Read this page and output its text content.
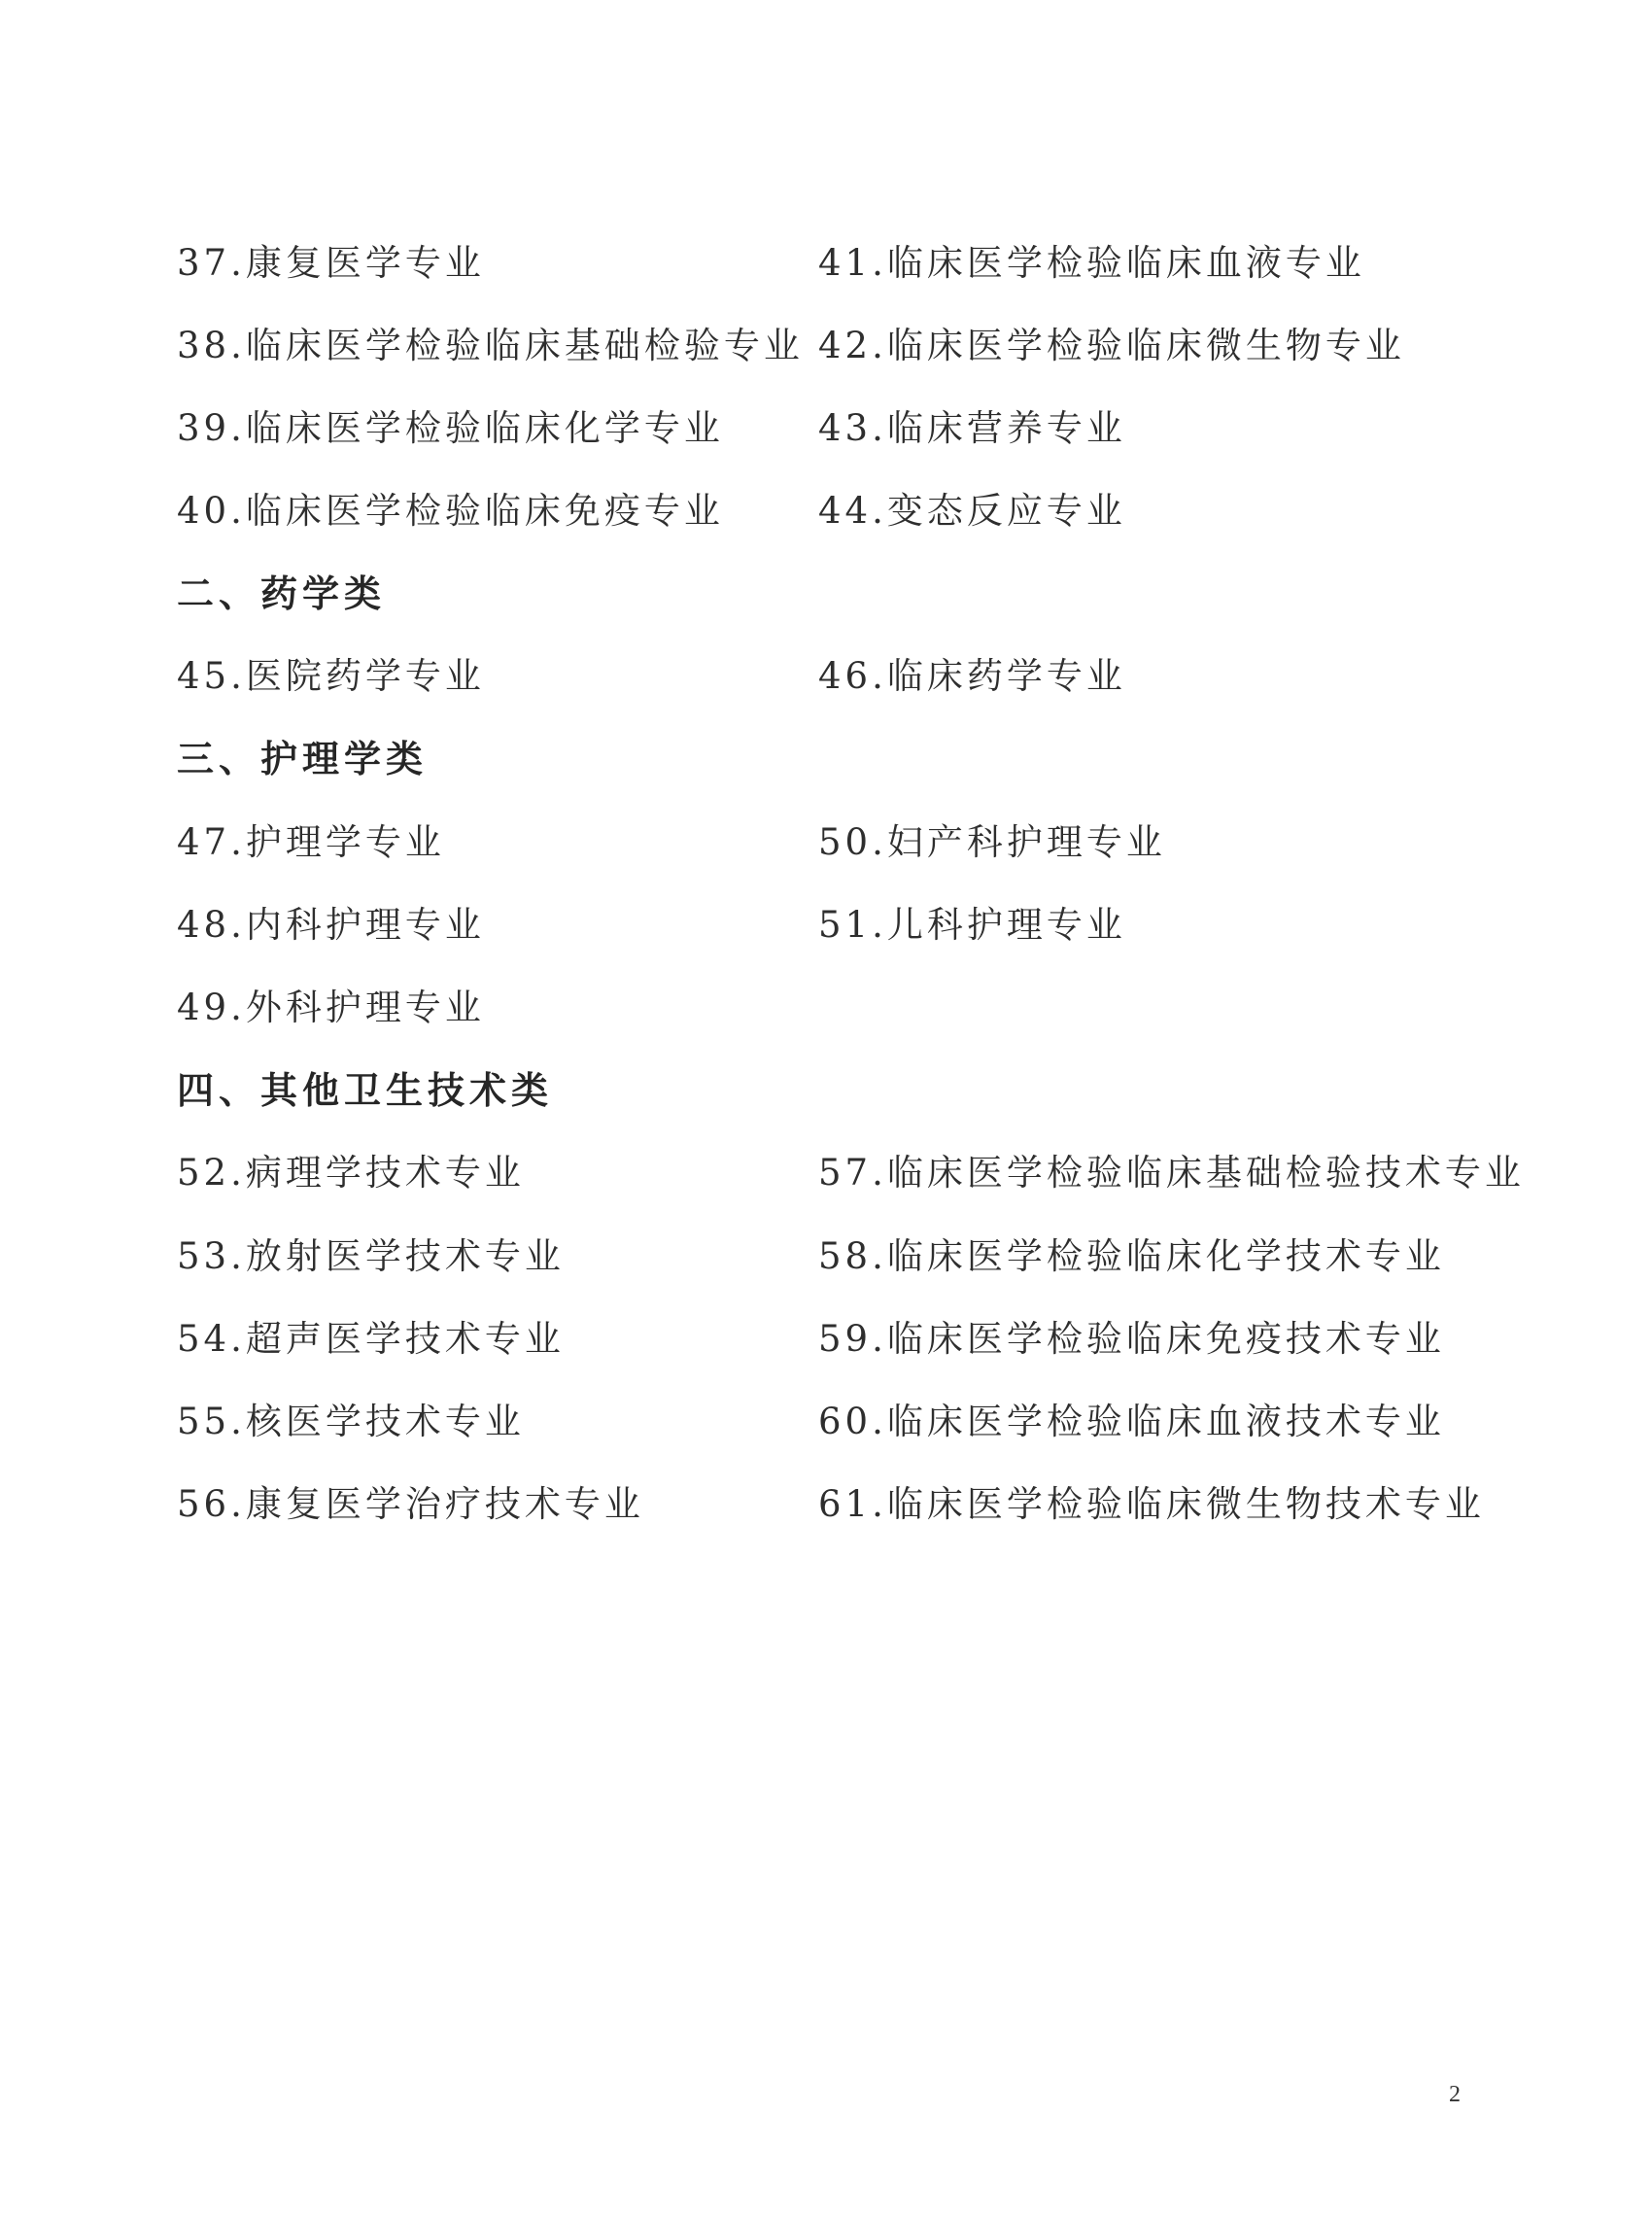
37.康复医学专业	41.临床医学检验临床血液专业
38.临床医学检验临床基础检验专业 42.临床医学检验临床微生物专业
39.临床医学检验临床化学专业	43.临床营养专业
40.临床医学检验临床免疫专业	44.变态反应专业
二、药学类
45.医院药学专业	46.临床药学专业
三、护理学类
47.护理学专业	50.妇产科护理专业
48.内科护理专业	51.儿科护理专业
49.外科护理专业
四、其他卫生技术类
52.病理学技术专业	57.临床医学检验临床基础检验技术专业
53.放射医学技术专业	58.临床医学检验临床化学技术专业
54.超声医学技术专业	59.临床医学检验临床免疫技术专业
55.核医学技术专业	60.临床医学检验临床血液技术专业
56.康复医学治疗技术专业	61.临床医学检验临床微生物技术专业
2
